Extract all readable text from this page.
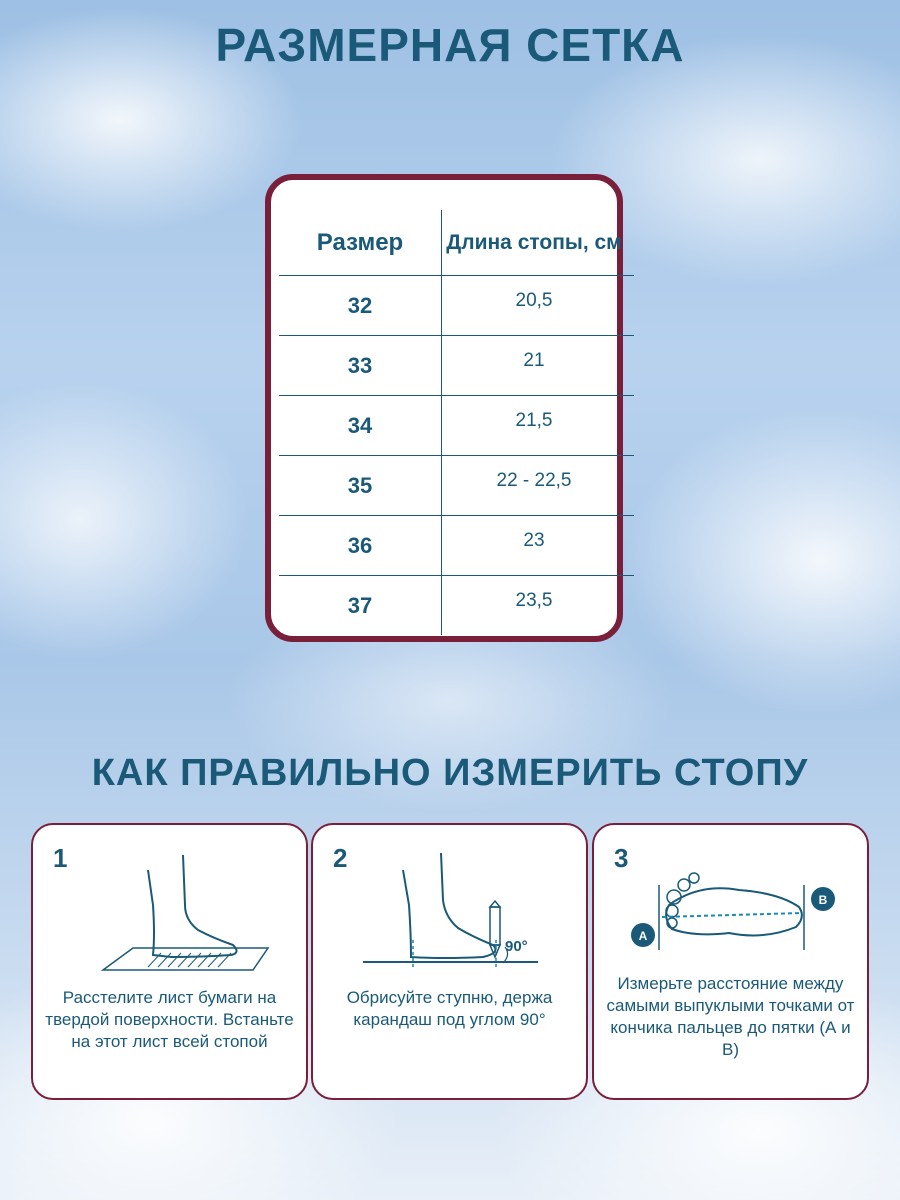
РАЗМЕРНАЯ СЕТКА
Размер	Длина стопы, см
32	20,5
33	21
34	21,5
35	22 - 22,5
36	23
37	23,5
КАК ПРАВИЛЬНО ИЗМЕРИТЬ СТОПУ
1
Расстелите лист бумаги на твердой поверхности. Встаньте на этот лист всей стопой
2
90°
Обрисуйте ступню, держа карандаш под углом 90°
3
A
B
Измерьте расстояние между самыми выпуклыми точками от кончика пальцев до пятки (А и В)
